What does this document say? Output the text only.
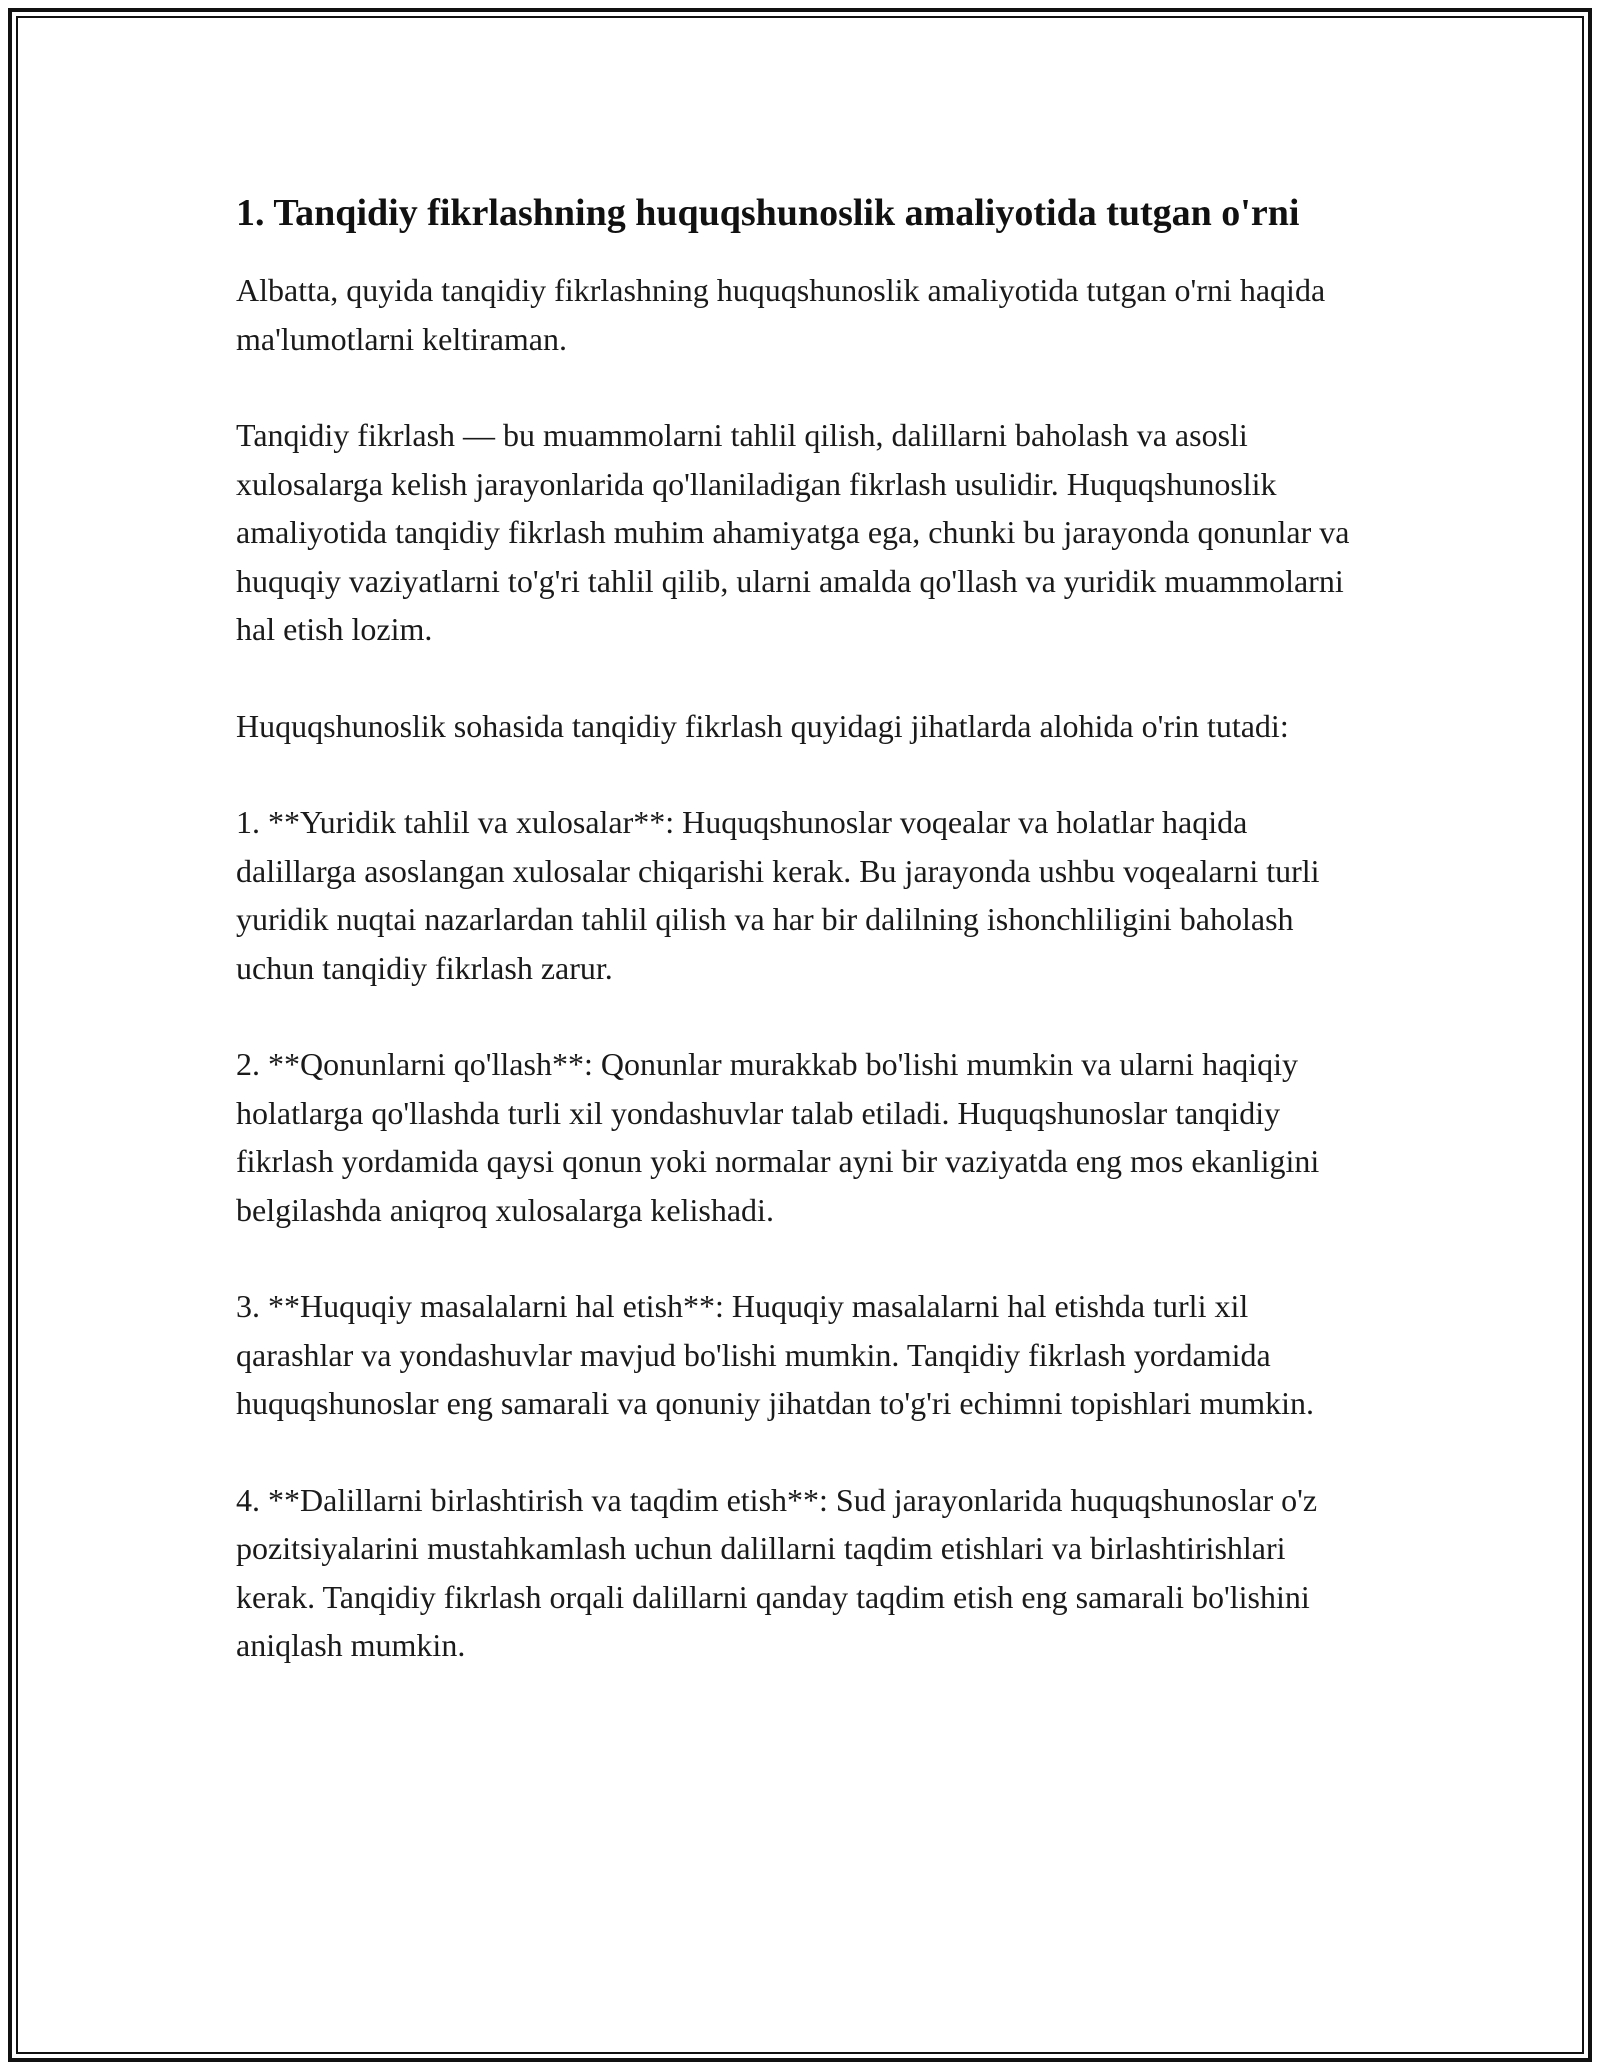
1. Tanqidiy fikrlashning huquqshunoslik amaliyotida tutgan o'rni

Albatta, quyida tanqidiy fikrlashning huquqshunoslik amaliyotida tutgan o'rni haqida ma'lumotlarni keltiraman.

Tanqidiy fikrlash — bu muammolarni tahlil qilish, dalillarni baholash va asosli xulosalarga kelish jarayonlarida qo'llaniladigan fikrlash usulidir. Huquqshunoslik amaliyotida tanqidiy fikrlash muhim ahamiyatga ega, chunki bu jarayonda qonunlar va huquqiy vaziyatlarni to'g'ri tahlil qilib, ularni amalda qo'llash va yuridik muammolarni hal etish lozim.

Huquqshunoslik sohasida tanqidiy fikrlash quyidagi jihatlarda alohida o'rin tutadi:

1. **Yuridik tahlil va xulosalar**: Huquqshunoslar voqealar va holatlar haqida dalillarga asoslangan xulosalar chiqarishi kerak. Bu jarayonda ushbu voqealarni turli yuridik nuqtai nazarlardan tahlil qilish va har bir dalilning ishonchliligini baholash uchun tanqidiy fikrlash zarur.

2. **Qonunlarni qo'llash**: Qonunlar murakkab bo'lishi mumkin va ularni haqiqiy holatlarga qo'llashda turli xil yondashuvlar talab etiladi. Huquqshunoslar tanqidiy fikrlash yordamida qaysi qonun yoki normalar ayni bir vaziyatda eng mos ekanligini belgilashda aniqroq xulosalarga kelishadi.

3. **Huquqiy masalalarni hal etish**: Huquqiy masalalarni hal etishda turli xil qarashlar va yondashuvlar mavjud bo'lishi mumkin. Tanqidiy fikrlash yordamida huquqshunoslar eng samarali va qonuniy jihatdan to'g'ri echimni topishlari mumkin.

4. **Dalillarni birlashtirish va taqdim etish**: Sud jarayonlarida huquqshunoslar o'z pozitsiyalarini mustahkamlash uchun dalillarni taqdim etishlari va birlashtirishlari kerak. Tanqidiy fikrlash orqali dalillarni qanday taqdim etish eng samarali bo'lishini aniqlash mumkin.
